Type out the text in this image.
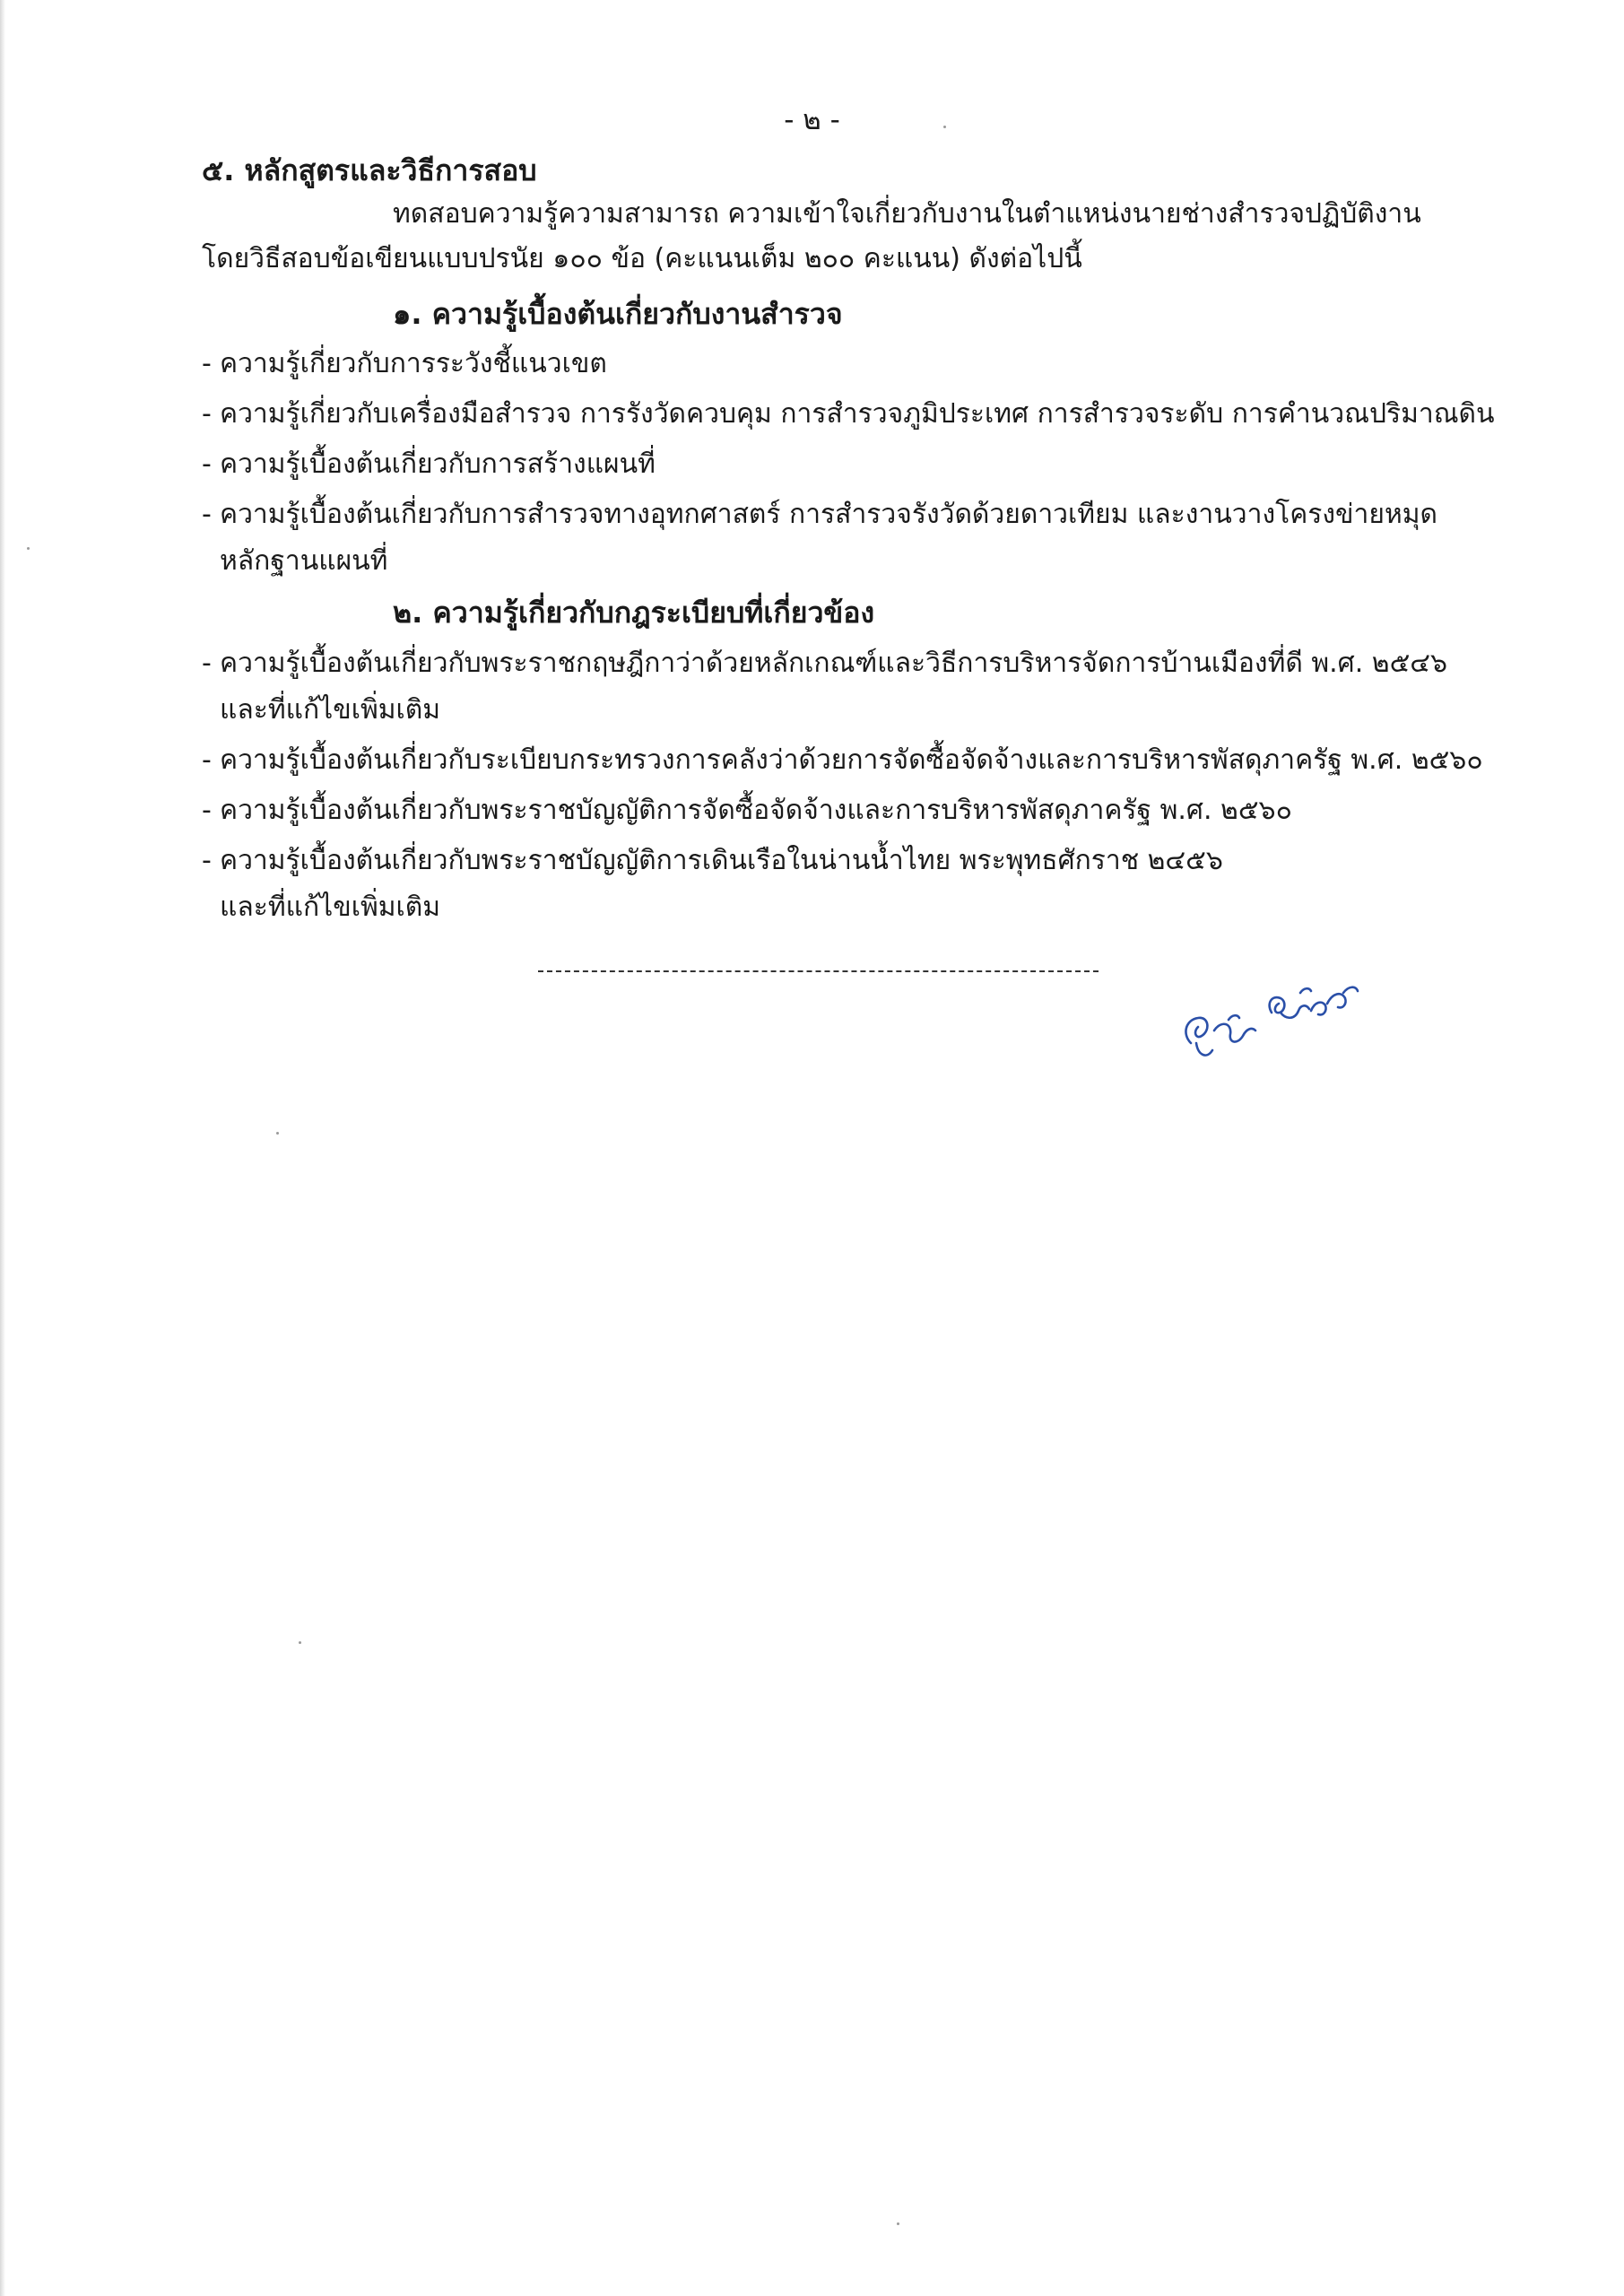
- ๒ -
๕. หลักสูตรและวิธีการสอบ
ทดสอบความรู้ความสามารถ ความเข้าใจเกี่ยวกับงานในตำแหน่งนายช่างสำรวจปฏิบัติงาน
โดยวิธีสอบข้อเขียนแบบปรนัย ๑๐๐ ข้อ (คะแนนเต็ม ๒๐๐ คะแนน) ดังต่อไปนี้
๑. ความรู้เบื้องต้นเกี่ยวกับงานสำรวจ
- ความรู้เกี่ยวกับการระวังชี้แนวเขต
- ความรู้เกี่ยวกับเครื่องมือสำรวจ การรังวัดควบคุม การสำรวจภูมิประเทศ การสำรวจระดับ การคำนวณปริมาณดิน
- ความรู้เบื้องต้นเกี่ยวกับการสร้างแผนที่
- ความรู้เบื้องต้นเกี่ยวกับการสำรวจทางอุทกศาสตร์ การสำรวจรังวัดด้วยดาวเทียม และงานวางโครงข่ายหมุด
หลักฐานแผนที่
๒. ความรู้เกี่ยวกับกฎระเบียบที่เกี่ยวข้อง
- ความรู้เบื้องต้นเกี่ยวกับพระราชกฤษฎีกาว่าด้วยหลักเกณฑ์และวิธีการบริหารจัดการบ้านเมืองที่ดี พ.ศ. ๒๕๔๖
และที่แก้ไขเพิ่มเติม
- ความรู้เบื้องต้นเกี่ยวกับระเบียบกระทรวงการคลังว่าด้วยการจัดซื้อจัดจ้างและการบริหารพัสดุภาครัฐ พ.ศ. ๒๕๖๐
- ความรู้เบื้องต้นเกี่ยวกับพระราชบัญญัติการจัดซื้อจัดจ้างและการบริหารพัสดุภาครัฐ พ.ศ. ๒๕๖๐
- ความรู้เบื้องต้นเกี่ยวกับพระราชบัญญัติการเดินเรือในน่านน้ำไทย พระพุทธศักราช ๒๔๕๖
และที่แก้ไขเพิ่มเติม
